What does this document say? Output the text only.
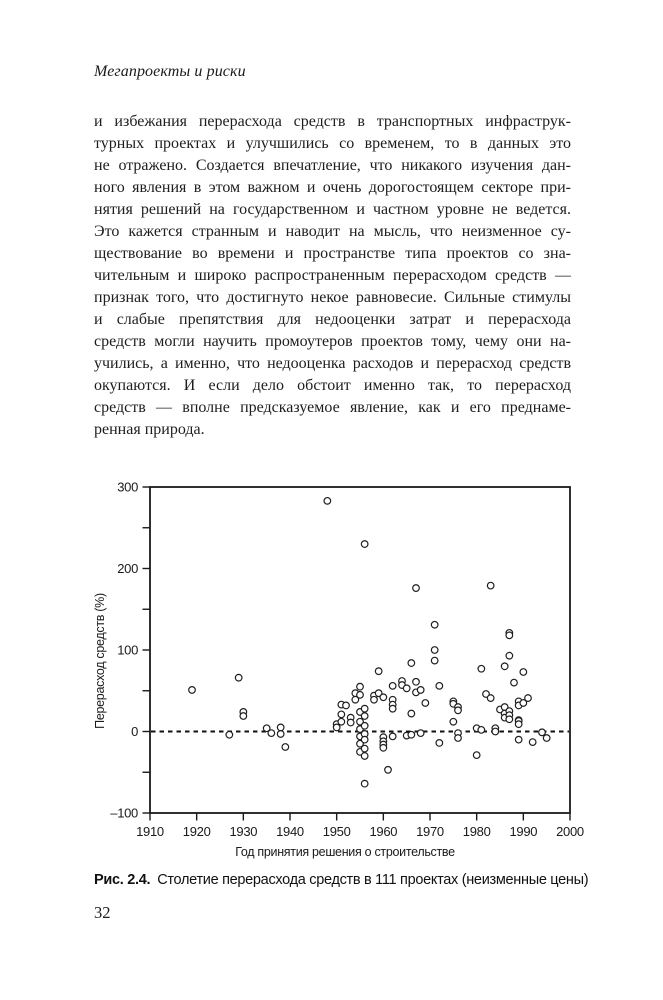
Мегапроекты и риски
и избежания перерасхода средств в транспортных инфраструк-
турных проектах и улучшились со временем, то в данных это
не отражено. Создается впечатление, что никакого изучения дан-
ного явления в этом важном и очень дорогостоящем секторе при-
нятия решений на государственном и частном уровне не ведется.
Это кажется странным и наводит на мысль, что неизменное су-
ществование во времени и пространстве типа проектов со зна-
чительным и широко распространенным перерасходом средств —
признак того, что достигнуто некое равновесие. Сильные стимулы
и слабые препятствия для недооценки затрат и перерасхода
средств могли научить промоутеров проектов тому, чему они на-
учились, а именно, что недооценка расходов и перерасход средств
окупаются. И если дело обстоит именно так, то перерасход
средств — вполне предсказуемое явление, как и его преднаме-
ренная природа.
–100
0
100
200
300
1910 1920 1930 1940 1950 1960 1970 1980 1990 2000
Год принятия решения о строительстве
Перерасход средств (%)
Рис. 2.4. Столетие перерасхода средств в 111 проектах (неизменные цены)
32
